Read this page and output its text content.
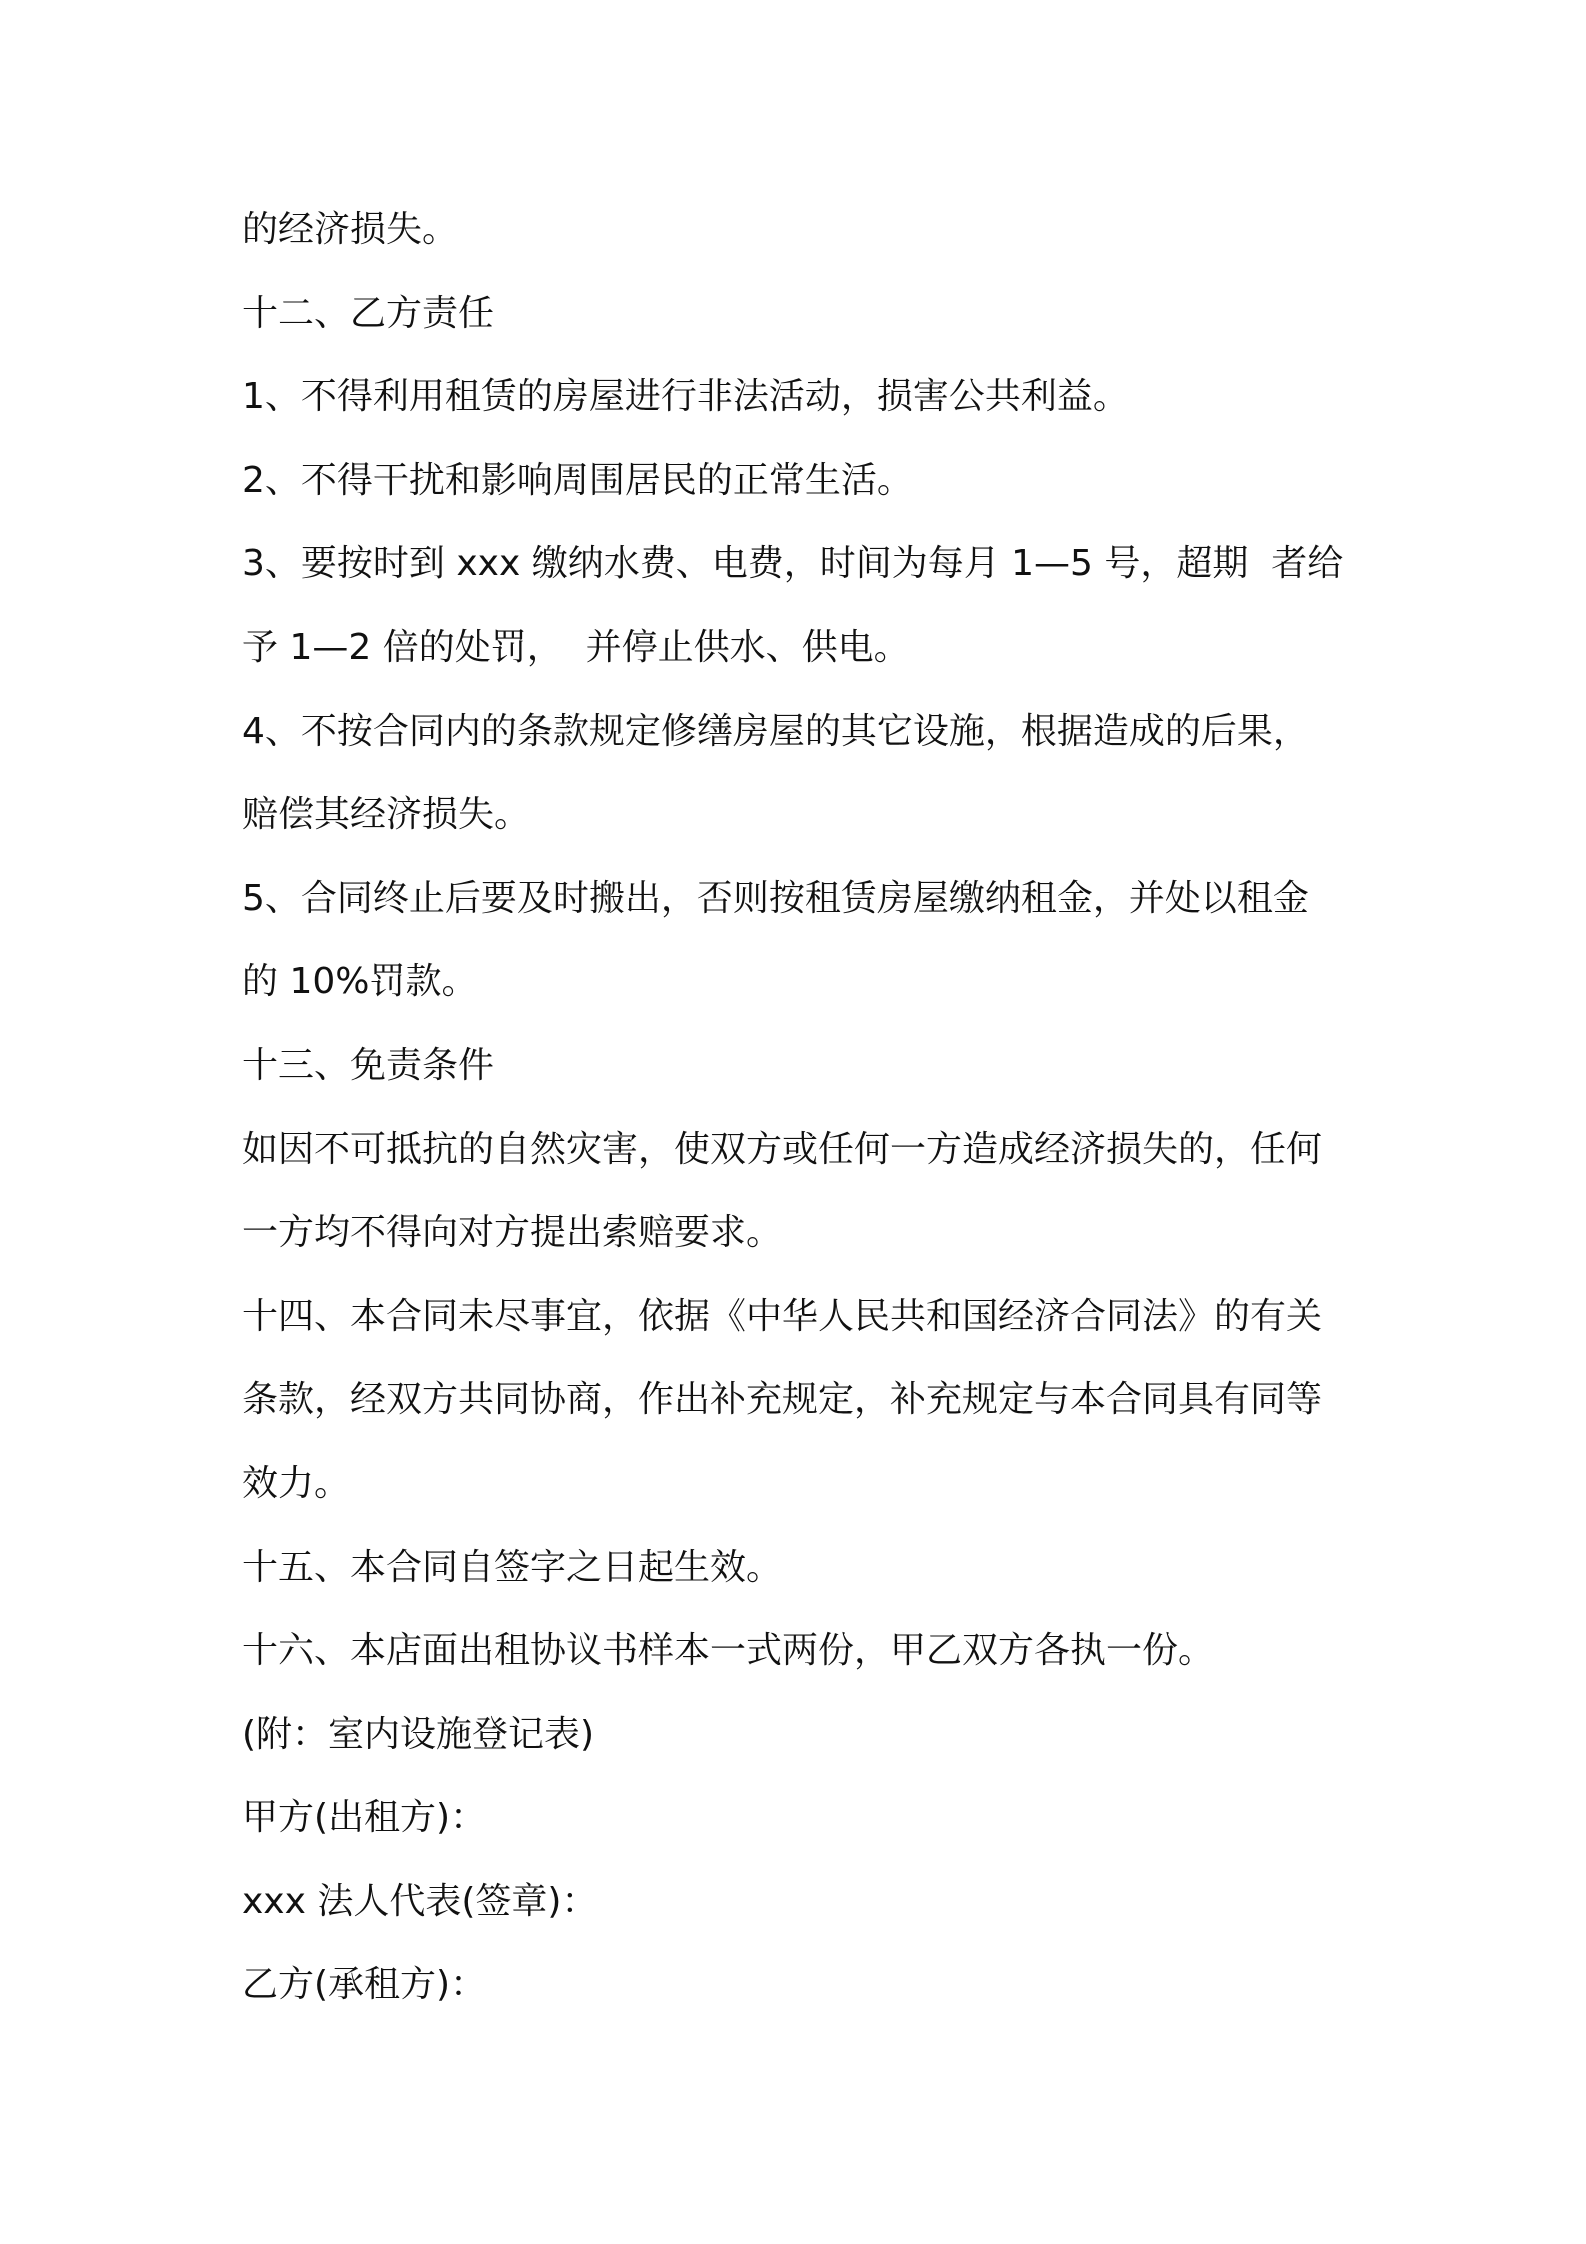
的经济损失。
十二、乙方责任
1、不得利用租赁的房屋进行非法活动，损害公共利益。
2、不得干扰和影响周围居民的正常生活。
3、要按时到 xxx 缴纳水费、电费，时间为每月 1—5 号，超期  者给
予 1—2 倍的处罚，  并停止供水、供电。
4、不按合同内的条款规定修缮房屋的其它设施，根据造成的后果，
赔偿其经济损失。
5、合同终止后要及时搬出，否则按租赁房屋缴纳租金，并处以租金
的 10%罚款。
十三、免责条件
如因不可抵抗的自然灾害，使双方或任何一方造成经济损失的，任何
一方均不得向对方提出索赔要求。
十四、本合同未尽事宜，依据《中华人民共和国经济合同法》的有关
条款，经双方共同协商，作出补充规定，补充规定与本合同具有同等
效力。
十五、本合同自签字之日起生效。
十六、本店面出租协议书样本一式两份，甲乙双方各执一份。
(附：室内设施登记表)
甲方(出租方)：
xxx 法人代表(签章)：
乙方(承租方)：
